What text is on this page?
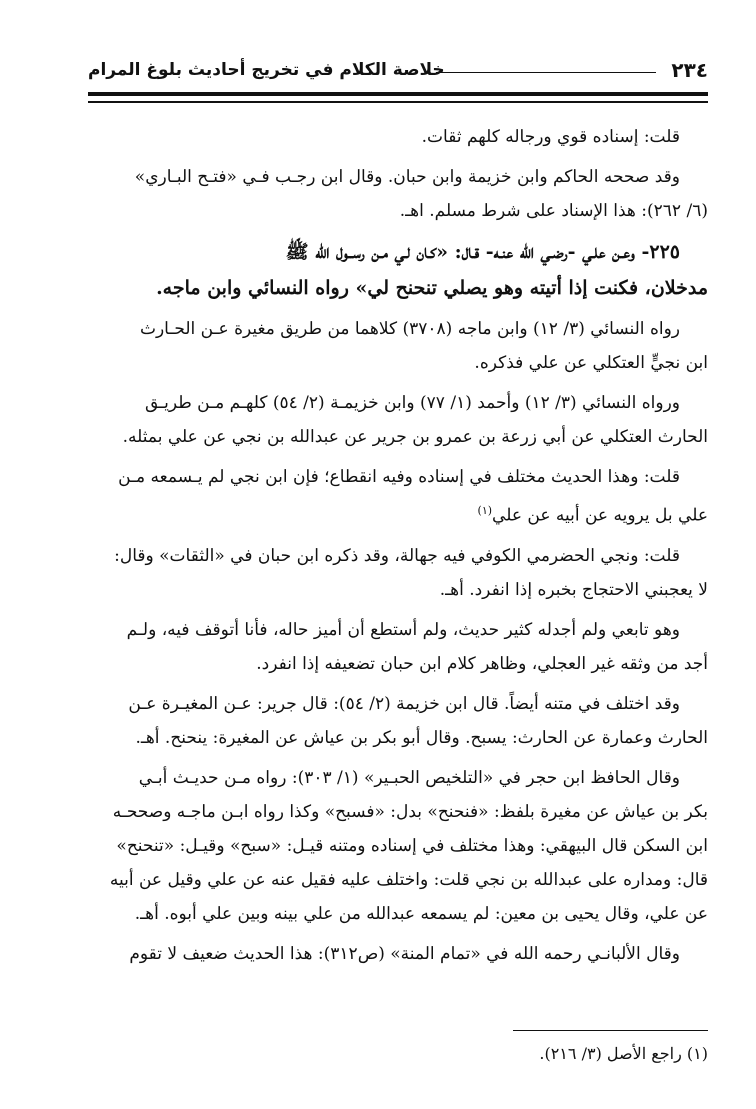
٢٣٤
خلاصة الكلام في تخريج أحاديث بلوغ المرام
قلت: إسناده قوي ورجاله كلهم ثقات.
وقد صححه الحاكم وابن خزيمة وابن حبان. وقال ابن رجـب فـي «فتـح البـاري»
(٦/ ٢٦٢): هذا الإسناد على شرط مسلم. اهـ.
٢٢٥- وعـن علـي -رضـي الله عنـه- قـال: «كـان لـي مـن رســول الله ﷺ
مدخلان، فكنت إذا أتيته وهو يصلي تنحنح لي» رواه النسائي وابن ماجه.
رواه النسائي (٣/ ١٢) وابن ماجه (٣٧٠٨) كلاهما من طريق مغيرة عـن الحـارث
ابن نجيٍّ العتكلي عن علي فذكره.
ورواه النسائي (٣/ ١٢) وأحمد (١/ ٧٧) وابن خزيمـة (٢/ ٥٤) كلهـم مـن طريـق
الحارث العتكلي عن أبي زرعة بن عمرو بن جرير عن عبدالله بن نجي عن علي بمثله.
قلت: وهذا الحديث مختلف في إسناده وفيه انقطاع؛ فإن ابن نجي لم يـسمعه مـن
علي بل يرويه عن أبيه عن علي$^{(١)}$
قلت: ونجي الحضرمي الكوفي فيه جهالة، وقد ذكره ابن حبان في «الثقات» وقال:
لا يعجبني الاحتجاج بخبره إذا انفرد. أهـ.
وهو تابعي ولم أجدله كثير حديث، ولم أستطع أن أميز حاله، فأنا أتوقف فيه، ولـم
أجد من وثقه غير العجلي، وظاهر كلام ابن حبان تضعيفه إذا انفرد.
وقد اختلف في متنه أيضاً. قال ابن خزيمة (٢/ ٥٤): قال جرير: عـن المغيـرة عـن
الحارث وعمارة عن الحارث: يسبح. وقال أبو بكر بن عياش عن المغيرة: ينحنح. أهـ.
وقال الحافظ ابن حجر في «التلخيص الحبـير» (١/ ٣٠٣): رواه مـن حديـث أبـي
بكر بن عياش عن مغيرة بلفظ: «فنحنح» بدل: «فسبح» وكذا رواه ابـن ماجـه وصححـه
ابن السكن قال البيهقي: وهذا مختلف في إسناده ومتنه قيـل: «سبح» وقيـل: «تنحنح»
قال: ومداره على عبدالله بن نجي قلت: واختلف عليه فقيل عنه عن علي وقيل عن أبيه
عن علي، وقال يحيى بن معين: لم يسمعه عبدالله من علي بينه وبين علي أبوه. أهـ.
وقال الألبانـي رحمه الله في «تمام المنة» (ص٣١٢): هذا الحديث ضعيف لا تقوم
(١) راجع الأصل (٣/ ٢١٦).
